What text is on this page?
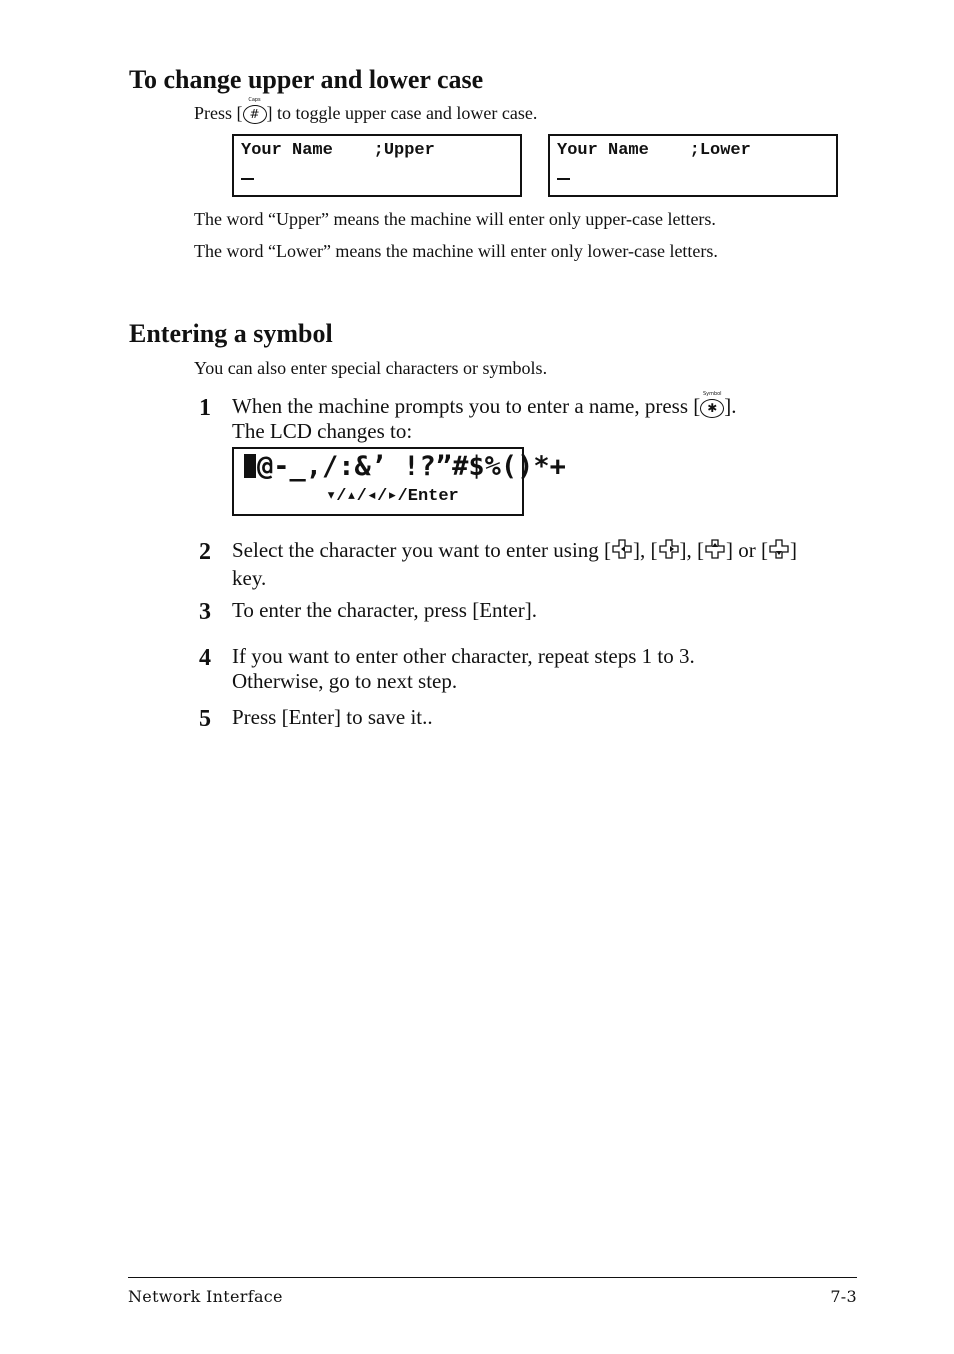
To change upper and lower case
Press [
Caps
# ] to toggle upper case and lower case.
Your Name    ;Upper	Your Name    ;Lower
The word “Upper” means the machine will enter only upper-case letters.
The word “Lower” means the machine will enter only lower-case letters.
Entering a symbol
You can also enter special characters or symbols.
1 When the machine prompts you to enter a name, press [
Symbol
✱ ].
The LCD changes to:
@-_,/:&’ !?”#$%()*+
▾/▴/◂/▸/Enter
2 Select the character you want to enter using [ ], [ ], [ ] or [ ]
key.
3 To enter the character, press [Enter].
4 If you want to enter other character, repeat steps 1 to 3.
Otherwise, go to next step.
5 Press [Enter] to save it..
Network Interface	7-3
